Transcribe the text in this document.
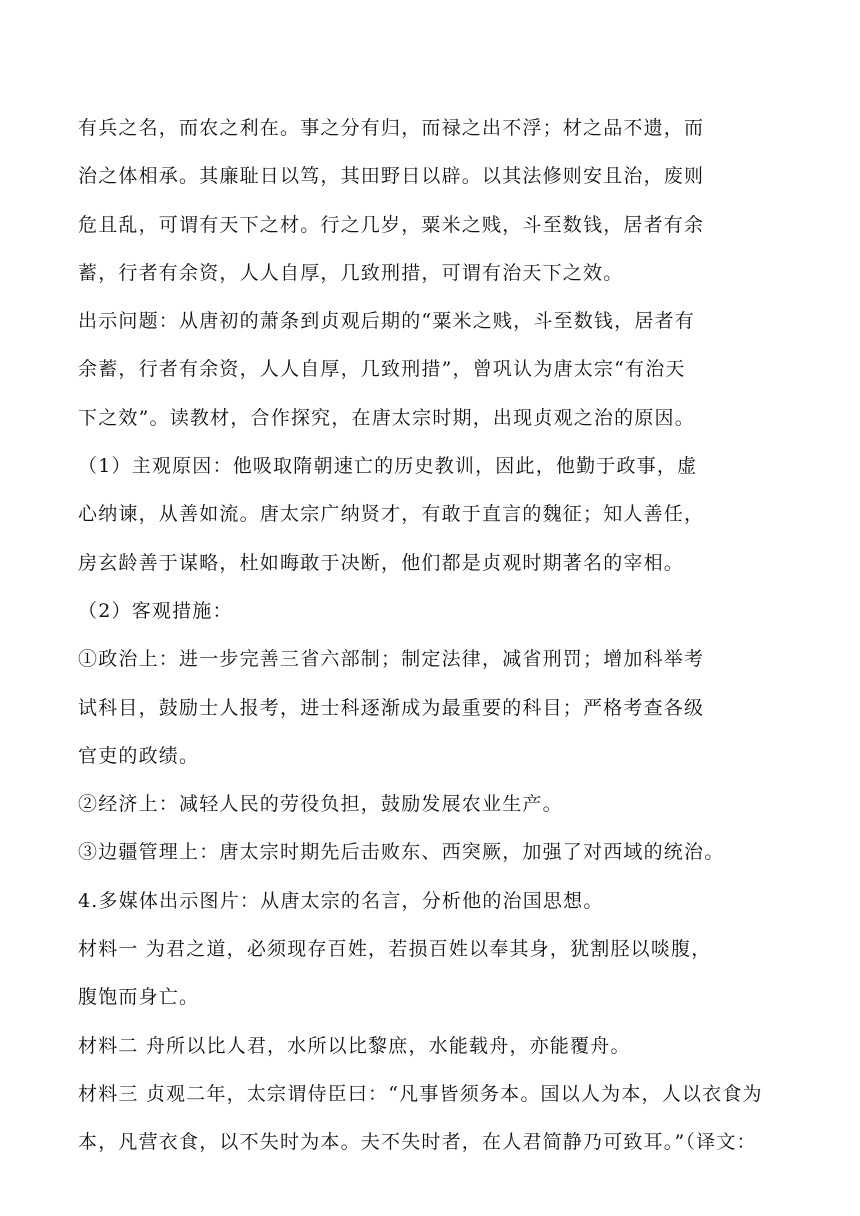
有兵之名，而农之利在。事之分有归，而禄之出不浮；材之品不遗，而
治之体相承。其廉耻日以笃，其田野日以辟。以其法修则安且治，废则
危且乱，可谓有天下之材。行之几岁，粟米之贱，斗至数钱，居者有余
蓄，行者有余资，人人自厚，几致刑措，可谓有治天下之效。
出示问题：从唐初的萧条到贞观后期的“粟米之贱，斗至数钱，居者有
余蓄，行者有余资，人人自厚，几致刑措”，曾巩认为唐太宗“有治天
下之效”。读教材，合作探究，在唐太宗时期，出现贞观之治的原因。
（1）主观原因：他吸取隋朝速亡的历史教训，因此，他勤于政事，虚
心纳谏，从善如流。唐太宗广纳贤才，有敢于直言的魏征；知人善任，
房玄龄善于谋略，杜如晦敢于决断，他们都是贞观时期著名的宰相。
（2）客观措施：
①政治上：进一步完善三省六部制；制定法律，减省刑罚；增加科举考
试科目，鼓励士人报考，进士科逐渐成为最重要的科目；严格考查各级
官吏的政绩。
②经济上：减轻人民的劳役负担，鼓励发展农业生产。
③边疆管理上：唐太宗时期先后击败东、西突厥，加强了对西域的统治。
4.多媒体出示图片：从唐太宗的名言，分析他的治国思想。
材料一 为君之道，必须现存百姓，若损百姓以奉其身，犹割胫以啖腹，
腹饱而身亡。
材料二 舟所以比人君，水所以比黎庶，水能载舟，亦能覆舟。
材料三 贞观二年，太宗谓侍臣曰：“凡事皆须务本。国以人为本，人以衣食为
本，凡营衣食，以不失时为本。夫不失时者，在人君简静乃可致耳。”（译文：
